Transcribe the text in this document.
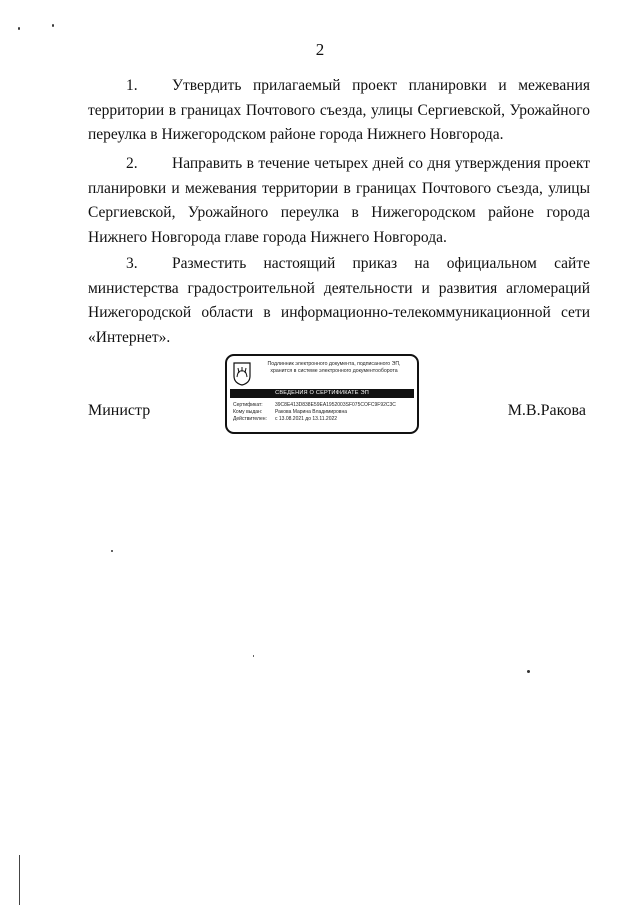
2

1. Утвердить прилагаемый проект планировки и межевания территории в границах Почтового съезда, улицы Сергиевской, Урожайного переулка в Нижегородском районе города Нижнего Новгорода.

2. Направить в течение четырех дней со дня утверждения проект планировки и межевания территории в границах Почтового съезда, улицы Сергиевской, Урожайного переулка в Нижегородском районе города Нижнего Новгорода главе города Нижнего Новгорода.

3. Разместить настоящий приказ на официальном сайте министерства градостроительной деятельности и развития агломераций Нижегородской области в информационно-телекоммуникационной сети «Интернет».

Министр	М.В.Ракова
Подлинник электронного документа, подписанного ЭП,
хранится в системе электронного документооборота
СВЕДЕНИЯ О СЕРТИФИКАТЕ ЭП
Сертификат: 39C8E413D838E59EA1952003SF075COFC9F92C3C
Кому выдан:	Ракова Марина Владимировна
Действителен: с 13.08.2021 до 13.11.2022
